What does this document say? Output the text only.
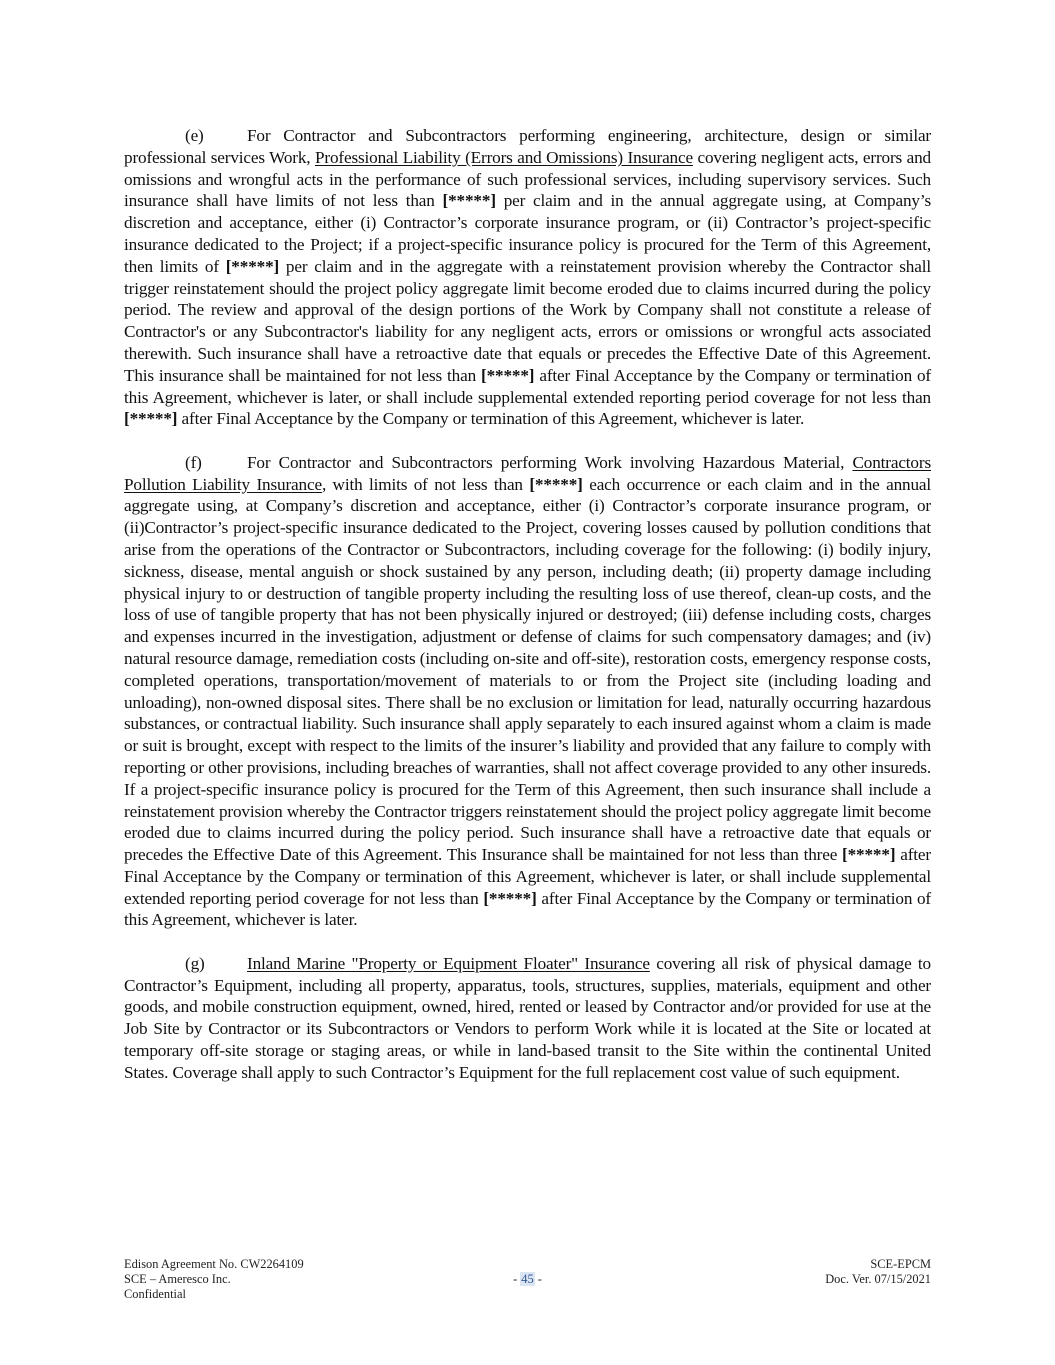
(e)	For Contractor and Subcontractors performing engineering, architecture, design or similar professional services Work, Professional Liability (Errors and Omissions) Insurance covering negligent acts, errors and omissions and wrongful acts in the performance of such professional services, including supervisory services. Such insurance shall have limits of not less than [*****] per claim and in the annual aggregate using, at Company’s discretion and acceptance, either (i) Contractor’s corporate insurance program, or (ii) Contractor’s project-specific insurance dedicated to the Project; if a project-specific insurance policy is procured for the Term of this Agreement, then limits of [*****] per claim and in the aggregate with a reinstatement provision whereby the Contractor shall trigger reinstatement should the project policy aggregate limit become eroded due to claims incurred during the policy period. The review and approval of the design portions of the Work by Company shall not constitute a release of Contractor's or any Subcontractor's liability for any negligent acts, errors or omissions or wrongful acts associated therewith. Such insurance shall have a retroactive date that equals or precedes the Effective Date of this Agreement. This insurance shall be maintained for not less than [*****] after Final Acceptance by the Company or termination of this Agreement, whichever is later, or shall include supplemental extended reporting period coverage for not less than [*****] after Final Acceptance by the Company or termination of this Agreement, whichever is later.

(f)	For Contractor and Subcontractors performing Work involving Hazardous Material, Contractors Pollution Liability Insurance, with limits of not less than [*****] each occurrence or each claim and in the annual aggregate using, at Company’s discretion and acceptance, either (i) Contractor’s corporate insurance program, or (ii)Contractor’s project-specific insurance dedicated to the Project, covering losses caused by pollution conditions that arise from the operations of the Contractor or Subcontractors, including coverage for the following: (i) bodily injury, sickness, disease, mental anguish or shock sustained by any person, including death; (ii) property damage including physical injury to or destruction of tangible property including the resulting loss of use thereof, clean-up costs, and the loss of use of tangible property that has not been physically injured or destroyed; (iii) defense including costs, charges and expenses incurred in the investigation, adjustment or defense of claims for such compensatory damages; and (iv) natural resource damage, remediation costs (including on-site and off-site), restoration costs, emergency response costs, completed operations, transportation/movement of materials to or from the Project site (including loading and unloading), non-owned disposal sites. There shall be no exclusion or limitation for lead, naturally occurring hazardous substances, or contractual liability. Such insurance shall apply separately to each insured against whom a claim is made or suit is brought, except with respect to the limits of the insurer’s liability and provided that any failure to comply with reporting or other provisions, including breaches of warranties, shall not affect coverage provided to any other insureds. If a project-specific insurance policy is procured for the Term of this Agreement, then such insurance shall include a reinstatement provision whereby the Contractor triggers reinstatement should the project policy aggregate limit become eroded due to claims incurred during the policy period. Such insurance shall have a retroactive date that equals or precedes the Effective Date of this Agreement. This Insurance shall be maintained for not less than three [*****] after Final Acceptance by the Company or termination of this Agreement, whichever is later, or shall include supplemental extended reporting period coverage for not less than [*****] after Final Acceptance by the Company or termination of this Agreement, whichever is later.

(g) Inland Marine "Property or Equipment Floater" Insurance covering all risk of physical damage to Contractor’s Equipment, including all property, apparatus, tools, structures, supplies, materials, equipment and other goods, and mobile construction equipment, owned, hired, rented or leased by Contractor and/or provided for use at the Job Site by Contractor or its Subcontractors or Vendors to perform Work while it is located at the Site or located at temporary off-site storage or staging areas, or while in land-based transit to the Site within the continental United States. Coverage shall apply to such Contractor’s Equipment for the full replacement cost value of such equipment.

Edison Agreement No. CW2264109
SCE – Ameresco Inc.
Confidential
- 45 -
SCE-EPCM
Doc. Ver. 07/15/2021
